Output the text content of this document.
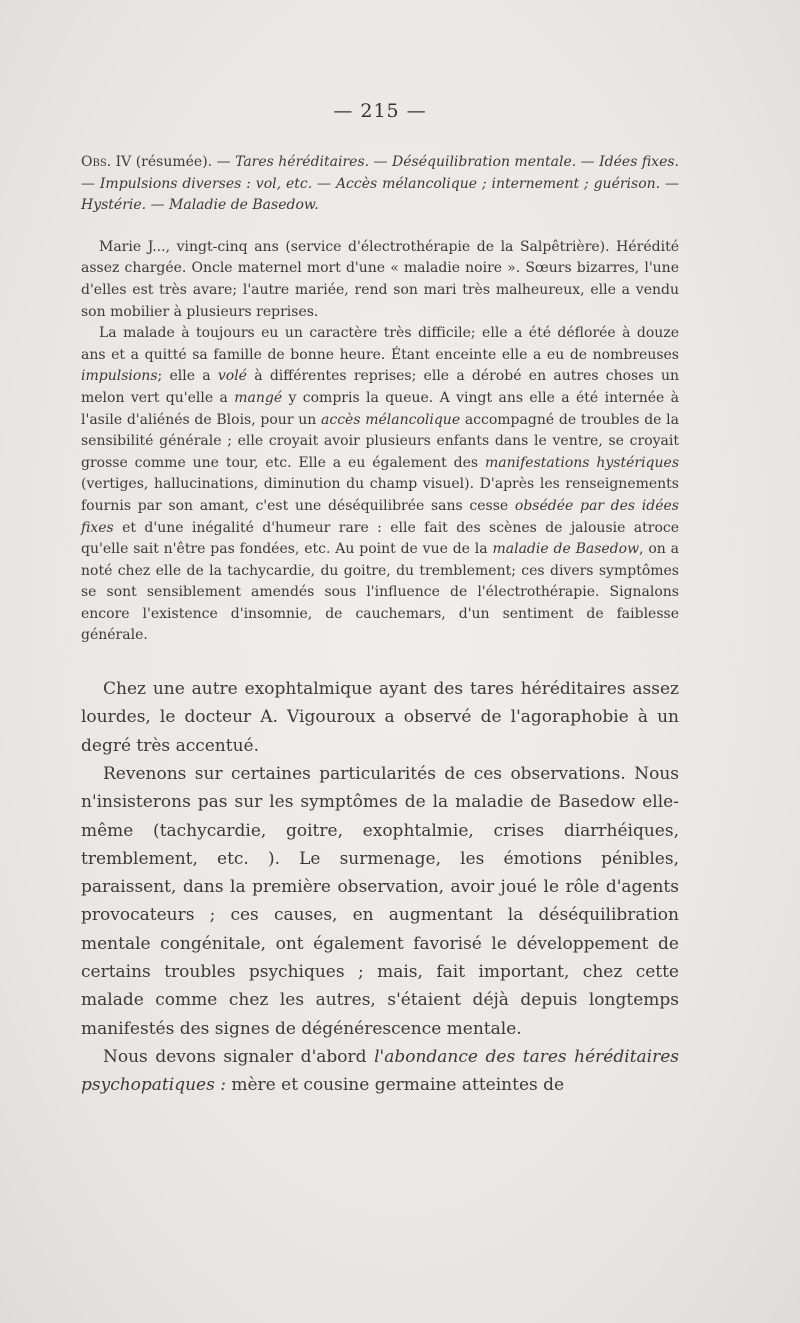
— 215 —

Obs. IV (résumée). — Tares héréditaires. — Déséquilibration mentale. — Idées fixes. — Impulsions diverses : vol, etc. — Accès mélancolique ; internement ; guérison. — Hystérie. — Maladie de Basedow.

Marie J..., vingt-cinq ans (service d'électrothérapie de la Salpêtrière). Hérédité assez chargée. Oncle maternel mort d'une « maladie noire ». Sœurs bizarres, l'une d'elles est très avare; l'autre mariée, rend son mari très malheureux, elle a vendu son mobilier à plusieurs reprises.

La malade à toujours eu un caractère très difficile; elle a été déflorée à douze ans et a quitté sa famille de bonne heure. Étant enceinte elle a eu de nombreuses impulsions; elle a volé à différentes reprises; elle a dérobé en autres choses un melon vert qu'elle a mangé y compris la queue. A vingt ans elle a été internée à l'asile d'aliénés de Blois, pour un accès mélancolique accompagné de troubles de la sensibilité générale ; elle croyait avoir plusieurs enfants dans le ventre, se croyait grosse comme une tour, etc. Elle a eu également des manifestations hystériques (vertiges, hallucinations, diminution du champ visuel). D'après les renseignements fournis par son amant, c'est une déséquilibrée sans cesse obsédée par des idées fixes et d'une inégalité d'humeur rare : elle fait des scènes de jalousie atroce qu'elle sait n'être pas fondées, etc. Au point de vue de la maladie de Basedow, on a noté chez elle de la tachycardie, du goitre, du tremblement; ces divers symptômes se sont sensiblement amendés sous l'influence de l'électrothérapie. Signalons encore l'existence d'insomnie, de cauchemars, d'un sentiment de faiblesse générale.

Chez une autre exophtalmique ayant des tares héréditaires assez lourdes, le docteur A. Vigouroux a observé de l'agoraphobie à un degré très accentué.

Revenons sur certaines particularités de ces observations. Nous n'insisterons pas sur les symptômes de la maladie de Basedow elle-même (tachycardie, goitre, exophtalmie, crises diarrhéiques, tremblement, etc. ). Le surmenage, les émotions pénibles, paraissent, dans la première observation, avoir joué le rôle d'agents provocateurs ; ces causes, en augmentant la déséquilibration mentale congénitale, ont également favorisé le développement de certains troubles psychiques ; mais, fait important, chez cette malade comme chez les autres, s'étaient déjà depuis longtemps manifestés des signes de dégénérescence mentale.

Nous devons signaler d'abord l'abondance des tares héréditaires psychopatiques : mère et cousine germaine atteintes de
